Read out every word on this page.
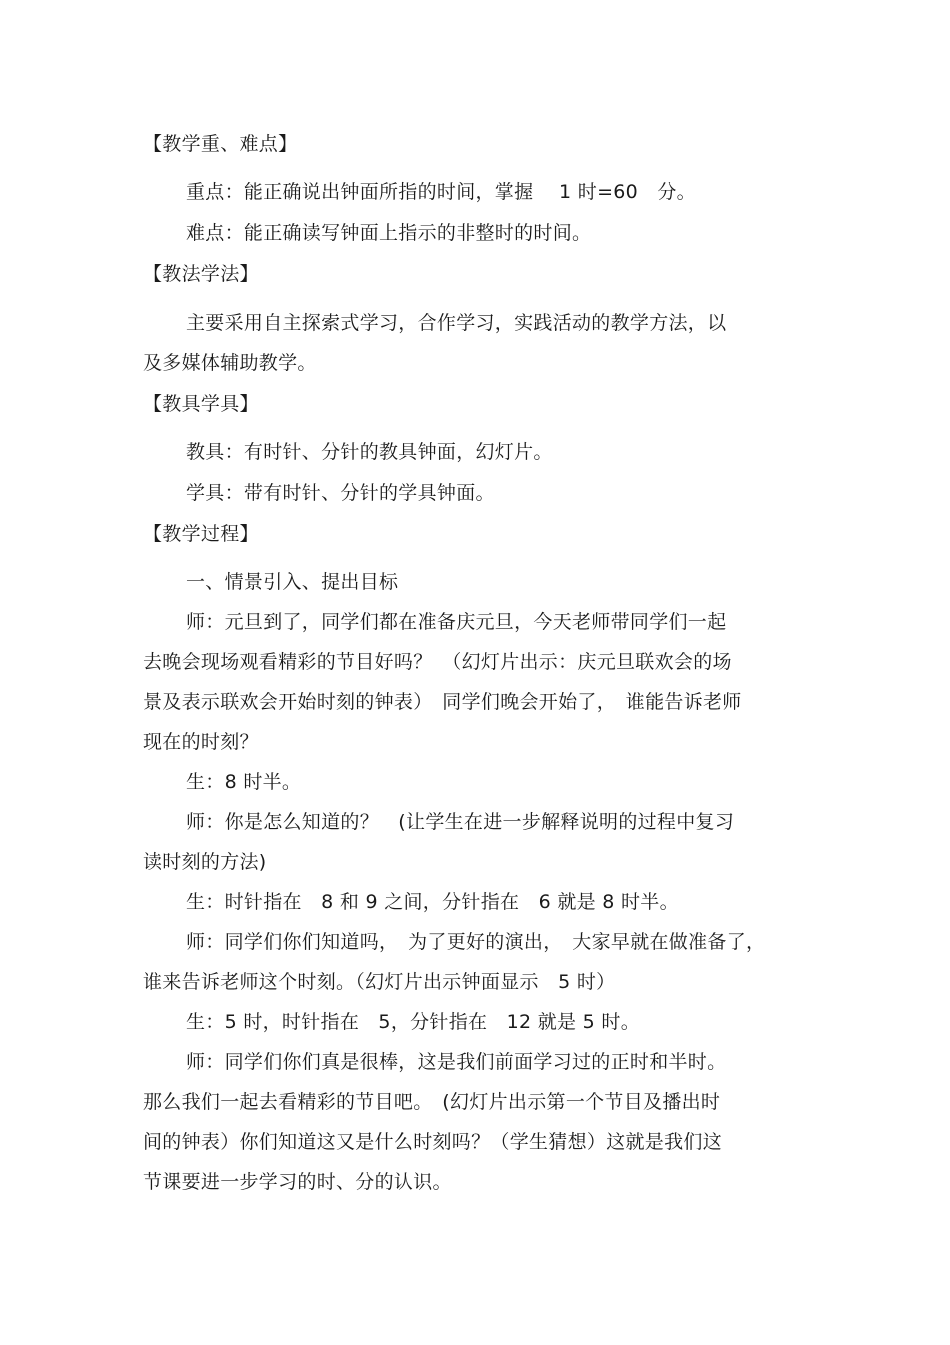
【教学重、难点】
重点：能正确说出钟面所指的时间，掌握　 1 时=60　分。
难点：能正确读写钟面上指示的非整时的时间。
【教法学法】
主要采用自主探索式学习，合作学习，实践活动的教学方法，以
及多媒体辅助教学。
【教具学具】
教具：有时针、分针的教具钟面，幻灯片。
学具：带有时针、分针的学具钟面。
【教学过程】
一、情景引入、提出目标
师：元旦到了，同学们都在准备庆元旦，今天老师带同学们一起
去晚会现场观看精彩的节目好吗？　（幻灯片出示：庆元旦联欢会的场
景及表示联欢会开始时刻的钟表）　同学们晚会开始了，　谁能告诉老师
现在的时刻？
生：8 时半。
师：你是怎么知道的？　(让学生在进一步解释说明的过程中复习
读时刻的方法)
生：时针指在　8 和 9 之间，分针指在　6 就是 8 时半。
师：同学们你们知道吗，　为了更好的演出，　大家早就在做准备了，
谁来告诉老师这个时刻。（幻灯片出示钟面显示　5 时）
生：5 时，时针指在　5，分针指在　12 就是 5 时。
师：同学们你们真是很棒，这是我们前面学习过的正时和半时。
那么我们一起去看精彩的节目吧。　(幻灯片出示第一个节目及播出时
间的钟表）你们知道这又是什么时刻吗？（学生猜想）这就是我们这
节课要进一步学习的时、分的认识。
